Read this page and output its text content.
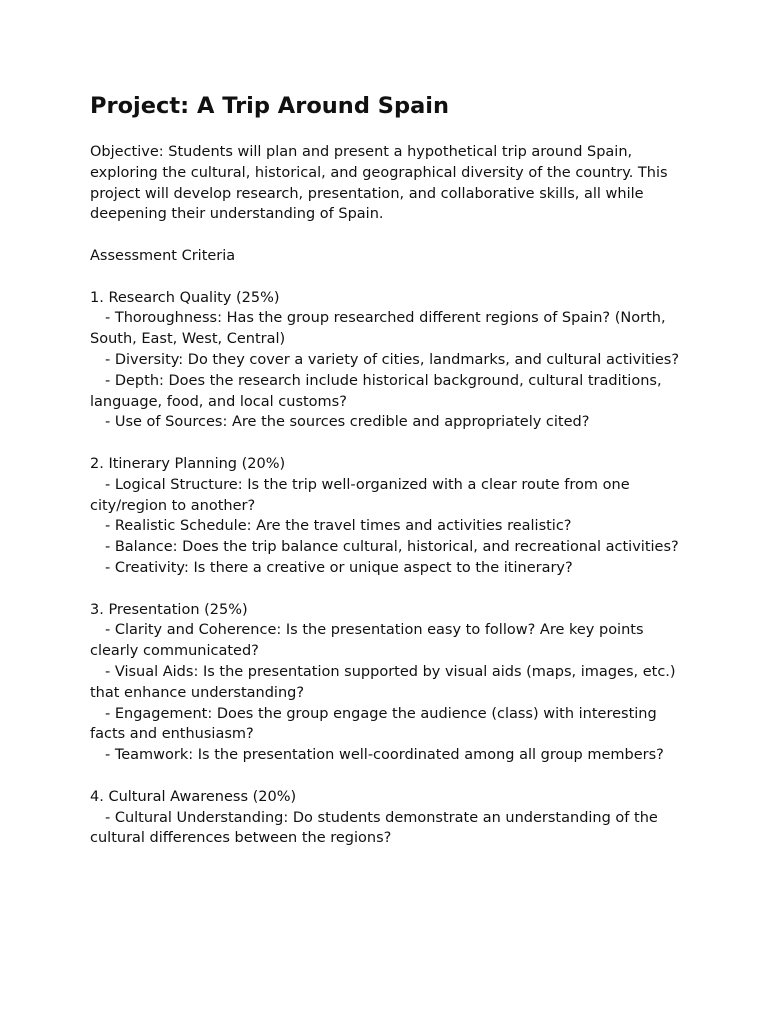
Project: A Trip Around Spain

Objective: Students will plan and present a hypothetical trip around Spain, exploring the cultural, historical, and geographical diversity of the country. This project will develop research, presentation, and collaborative skills, all while deepening their understanding of Spain.

Assessment Criteria

1. Research Quality (25%)

- Thoroughness: Has the group researched different regions of Spain? (North, South, East, West, Central)

- Diversity: Do they cover a variety of cities, landmarks, and cultural activities?

- Depth: Does the research include historical background, cultural traditions, language, food, and local customs?

- Use of Sources: Are the sources credible and appropriately cited?

2. Itinerary Planning (20%)

- Logical Structure: Is the trip well-organized with a clear route from one city/region to another?

- Realistic Schedule: Are the travel times and activities realistic?

- Balance: Does the trip balance cultural, historical, and recreational activities?

- Creativity: Is there a creative or unique aspect to the itinerary?

3. Presentation (25%)

- Clarity and Coherence: Is the presentation easy to follow? Are key points clearly communicated?

- Visual Aids: Is the presentation supported by visual aids (maps, images, etc.) that enhance understanding?

- Engagement: Does the group engage the audience (class) with interesting facts and enthusiasm?

- Teamwork: Is the presentation well-coordinated among all group members?

4. Cultural Awareness (20%)

- Cultural Understanding: Do students demonstrate an understanding of the cultural differences between the regions?
